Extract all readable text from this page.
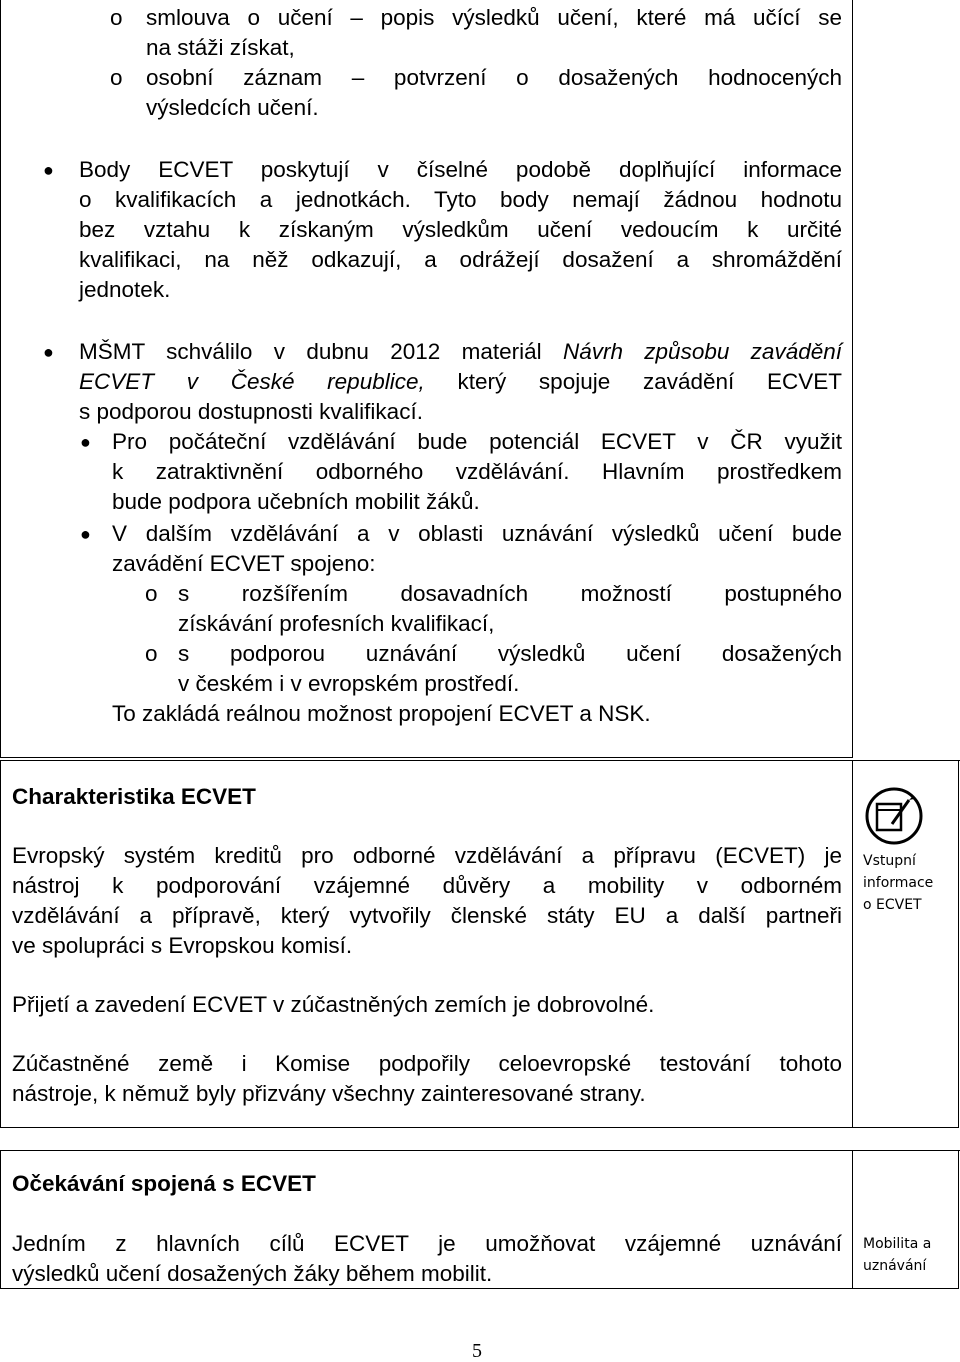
o smlouva o učení – popis výsledků učení, které má učící se
na stáži získat,
o osobní záznam – potvrzení o dosažených hodnocených
výsledcích učení.
● Body ECVET poskytují v číselné podobě doplňující informace
o kvalifikacích a jednotkách. Tyto body nemají žádnou hodnotu
bez vztahu k získaným výsledkům učení vedoucím k určité
kvalifikaci, na něž odkazují, a odrážejí dosažení a shromáždění
jednotek.
● MŠMT schválilo v dubnu 2012 materiál Návrh způsobu zavádění
ECVET v České republice, který spojuje zavádění ECVET
s podporou dostupnosti kvalifikací.
● Pro počáteční vzdělávání bude potenciál ECVET v ČR využit
k zatraktivnění odborného vzdělávání. Hlavním prostředkem
bude podpora učebních mobilit žáků.
● V dalším vzdělávání a v oblasti uznávání výsledků učení bude
zavádění ECVET spojeno:
o s rozšířením dosavadních možností postupného
získávání profesních kvalifikací,
o s podporou uznávání výsledků učení dosažených
v českém i v evropském prostředí.
To zakládá reálnou možnost propojení ECVET a NSK.
Charakteristika ECVET
Evropský systém kreditů pro odborné vzdělávání a přípravu (ECVET) je
nástroj k podporování vzájemné důvěry a mobility v odborném
vzdělávání a přípravě, který vytvořily členské státy EU a další partneři
ve spolupráci s Evropskou komisí.
Přijetí a zavedení ECVET v zúčastněných zemích je dobrovolné.
Zúčastněné země i Komise podpořily celoevropské testování tohoto
nástroje, k němuž byly přizvány všechny zainteresované strany.
Vstupní
informace
o ECVET
Očekávání spojená s ECVET
Jedním z hlavních cílů ECVET je umožňovat vzájemné uznávání
výsledků učení dosažených žáky během mobilit.
Mobilita a
uznávání
5
